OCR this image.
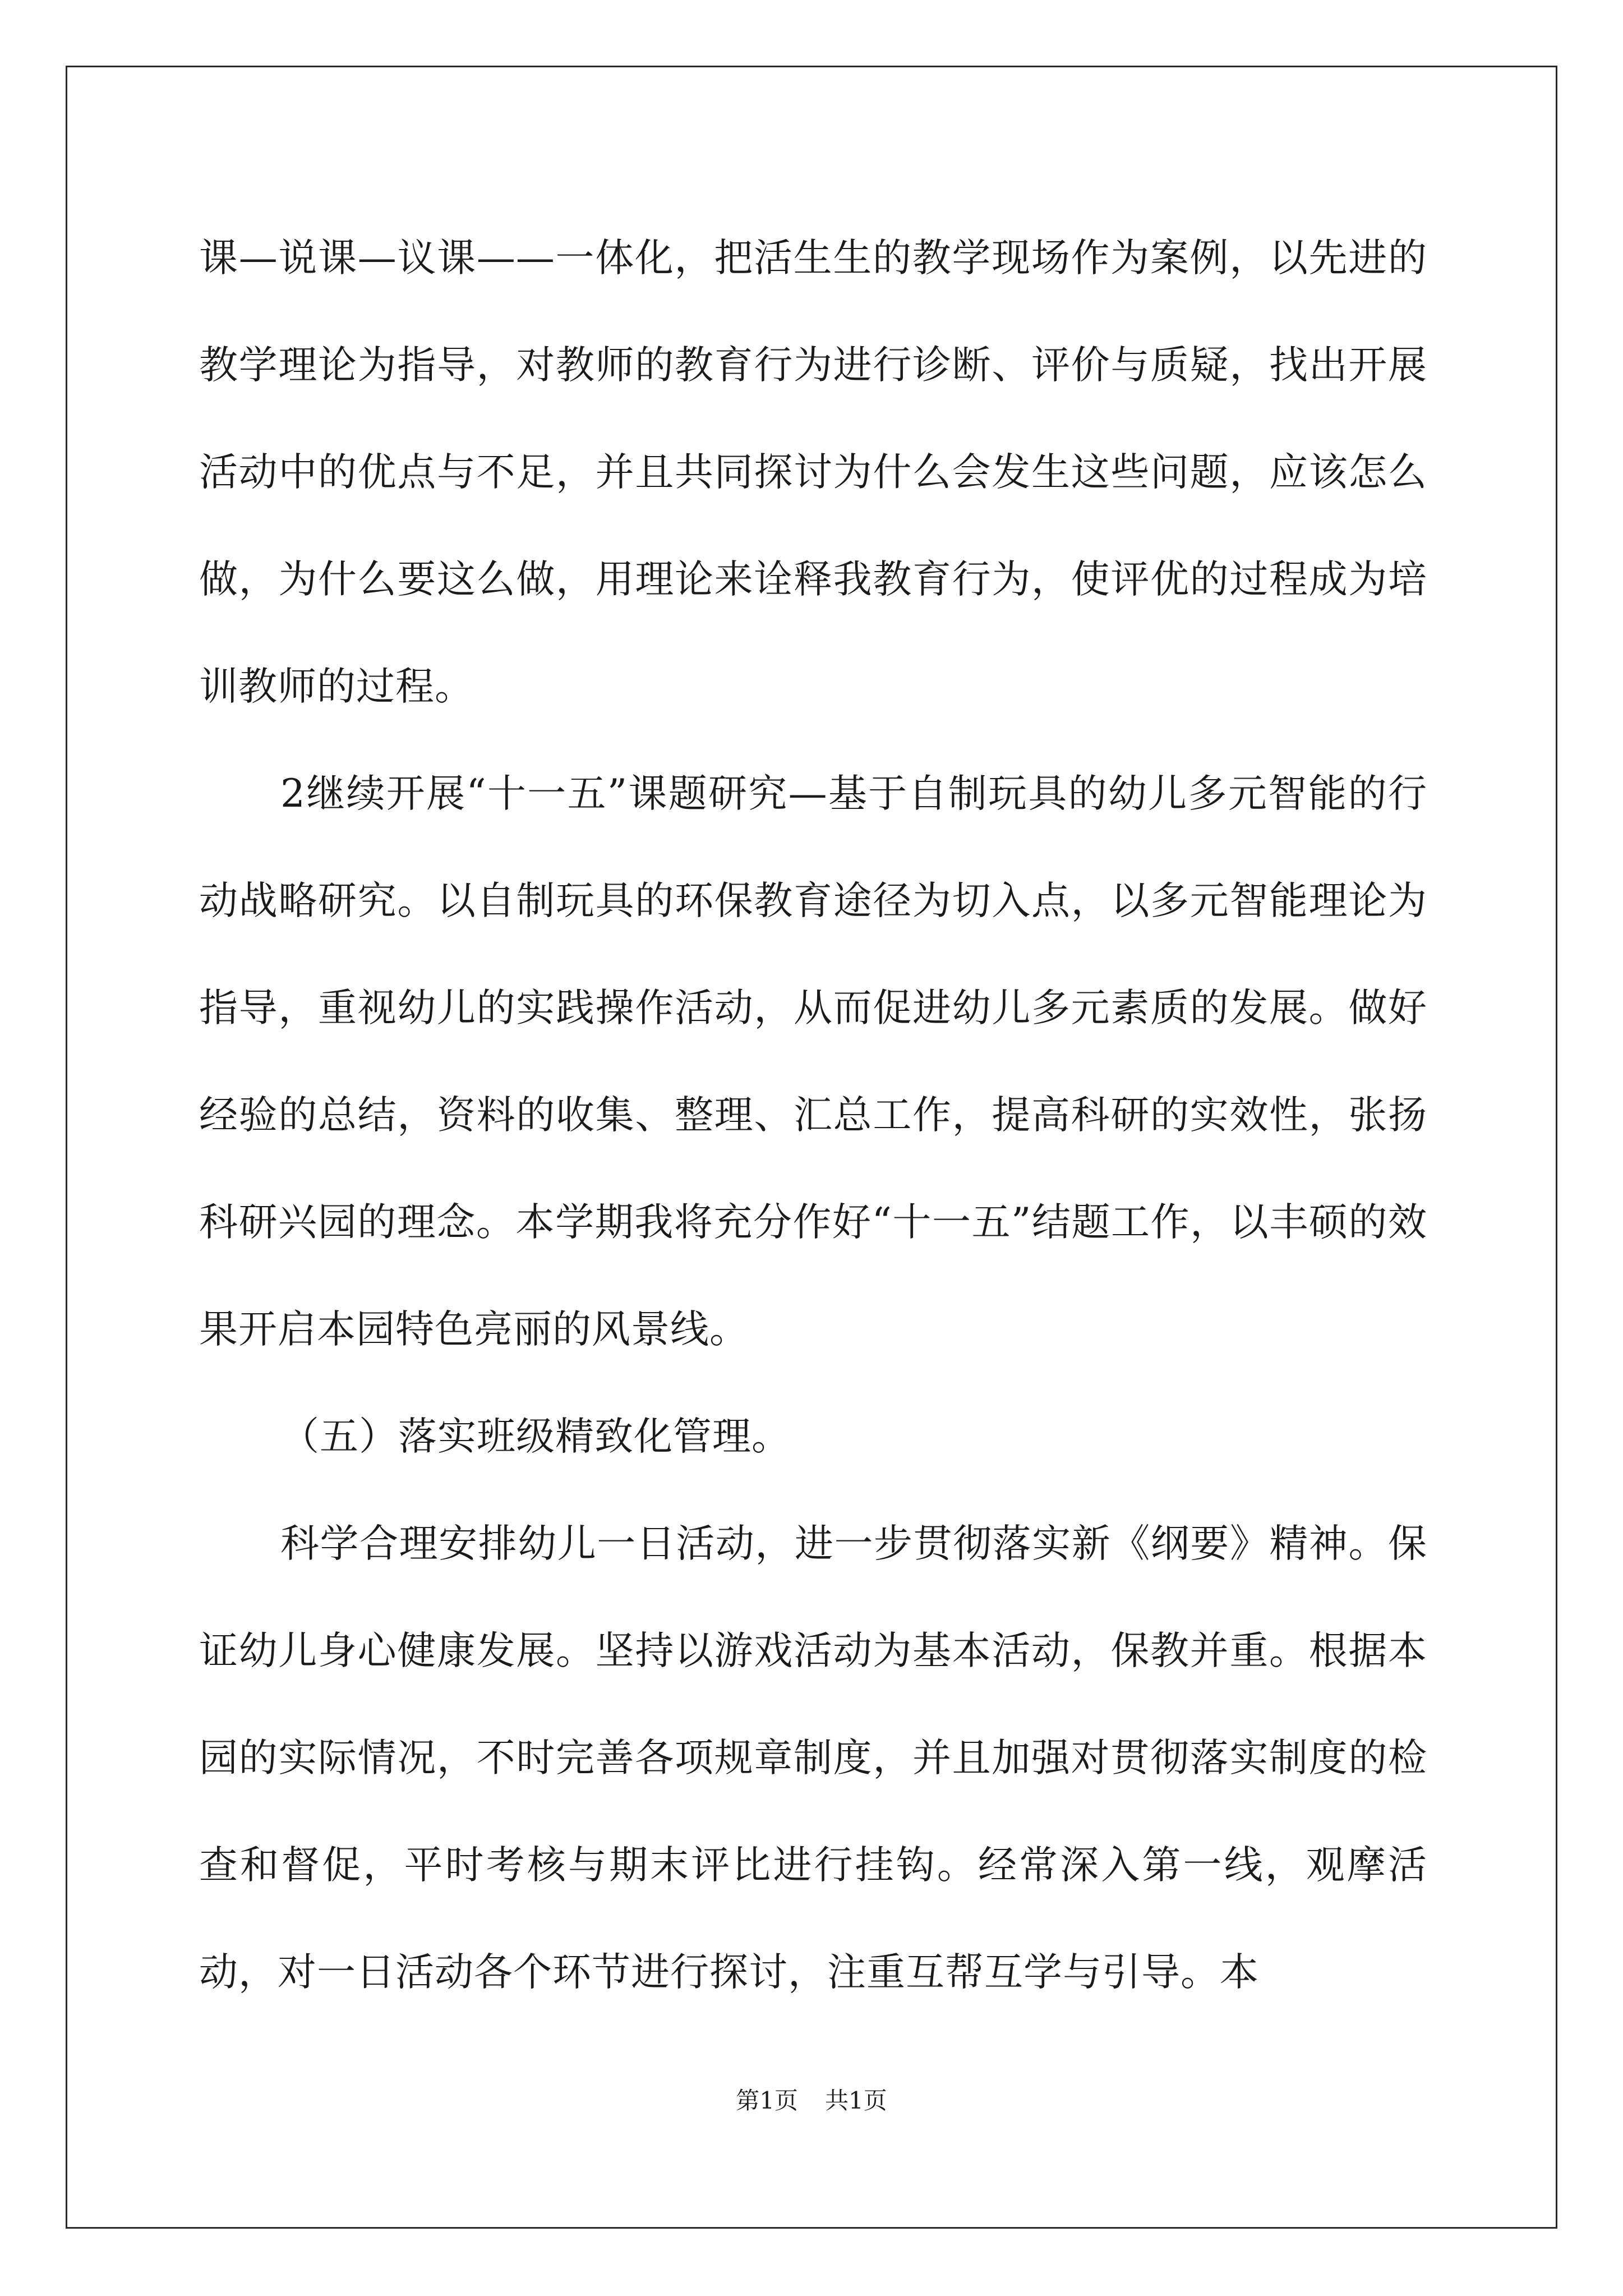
课—说课—议课——一体化，把活生生的教学现场作为案例，以先进的教学理论为指导，对教师的教育行为进行诊断、评价与质疑，找出开展活动中的优点与不足，并且共同探讨为什么会发生这些问题，应该怎么做，为什么要这么做，用理论来诠释我教育行为，使评优的过程成为培训教师的过程。

2继续开展“十一五”课题研究—基于自制玩具的幼儿多元智能的行动战略研究。以自制玩具的环保教育途径为切入点，以多元智能理论为指导，重视幼儿的实践操作活动，从而促进幼儿多元素质的发展。做好经验的总结，资料的收集、整理、汇总工作，提高科研的实效性，张扬科研兴园的理念。本学期我将充分作好“十一五”结题工作，以丰硕的效果开启本园特色亮丽的风景线。

（五）落实班级精致化管理。

科学合理安排幼儿一日活动，进一步贯彻落实新《纲要》精神。保证幼儿身心健康发展。坚持以游戏活动为基本活动，保教并重。根据本园的实际情况，不时完善各项规章制度，并且加强对贯彻落实制度的检查和督促，平时考核与期末评比进行挂钩。经常深入第一线，观摩活动，对一日活动各个环节进行探讨，注重互帮互学与引导。本

第1页 共1页
